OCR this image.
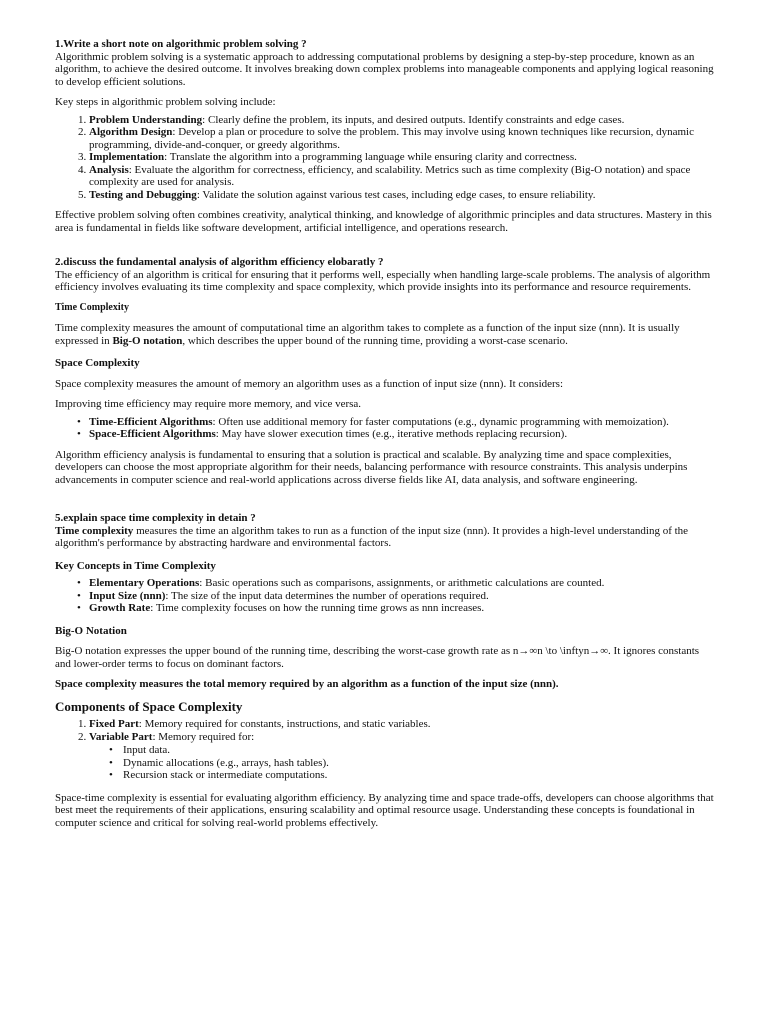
1.Write a short note on algorithmic problem solving ?

Algorithmic problem solving is a systematic approach to addressing computational problems by designing a step-by-step procedure, known as an algorithm, to achieve the desired outcome. It involves breaking down complex problems into manageable components and applying logical reasoning to develop efficient solutions.

Key steps in algorithmic problem solving include:

1. Problem Understanding: Clearly define the problem, its inputs, and desired outputs. Identify constraints and edge cases.
2. Algorithm Design: Develop a plan or procedure to solve the problem. This may involve using known techniques like recursion, dynamic programming, divide-and-conquer, or greedy algorithms.
3. Implementation: Translate the algorithm into a programming language while ensuring clarity and correctness.
4. Analysis: Evaluate the algorithm for correctness, efficiency, and scalability. Metrics such as time complexity (Big-O notation) and space complexity are used for analysis.
5. Testing and Debugging: Validate the solution against various test cases, including edge cases, to ensure reliability.

Effective problem solving often combines creativity, analytical thinking, and knowledge of algorithmic principles and data structures. Mastery in this area is fundamental in fields like software development, artificial intelligence, and operations research.

2.discuss the fundamental analysis of algorithm efficiency elobaratly ?

The efficiency of an algorithm is critical for ensuring that it performs well, especially when handling large-scale problems. The analysis of algorithm efficiency involves evaluating its time complexity and space complexity, which provide insights into its performance and resource requirements.

Time Complexity

Time complexity measures the amount of computational time an algorithm takes to complete as a function of the input size (nnn). It is usually expressed in Big-O notation, which describes the upper bound of the running time, providing a worst-case scenario.

Space Complexity

Space complexity measures the amount of memory an algorithm uses as a function of input size (nnn). It considers:

Improving time efficiency may require more memory, and vice versa.

• Time-Efficient Algorithms: Often use additional memory for faster computations (e.g., dynamic programming with memoization).
• Space-Efficient Algorithms: May have slower execution times (e.g., iterative methods replacing recursion).

Algorithm efficiency analysis is fundamental to ensuring that a solution is practical and scalable. By analyzing time and space complexities, developers can choose the most appropriate algorithm for their needs, balancing performance with resource constraints. This analysis underpins advancements in computer science and real-world applications across diverse fields like AI, data analysis, and software engineering.

5.explain space time complexity in detain ?

Time complexity measures the time an algorithm takes to run as a function of the input size (nnn). It provides a high-level understanding of the algorithm's performance by abstracting hardware and environmental factors.

Key Concepts in Time Complexity

• Elementary Operations: Basic operations such as comparisons, assignments, or arithmetic calculations are counted.
• Input Size (nnn): The size of the input data determines the number of operations required.
• Growth Rate: Time complexity focuses on how the running time grows as nnn increases.

Big-O Notation

Big-O notation expresses the upper bound of the running time, describing the worst-case growth rate as n→∞n \to \inftyn→∞. It ignores constants and lower-order terms to focus on dominant factors.

Space complexity measures the total memory required by an algorithm as a function of the input size (nnn).

Components of Space Complexity

1. Fixed Part: Memory required for constants, instructions, and static variables.
2. Variable Part: Memory required for:
• Input data.
• Dynamic allocations (e.g., arrays, hash tables).
• Recursion stack or intermediate computations.

Space-time complexity is essential for evaluating algorithm efficiency. By analyzing time and space trade-offs, developers can choose algorithms that best meet the requirements of their applications, ensuring scalability and optimal resource usage. Understanding these concepts is foundational in computer science and critical for solving real-world problems effectively.
